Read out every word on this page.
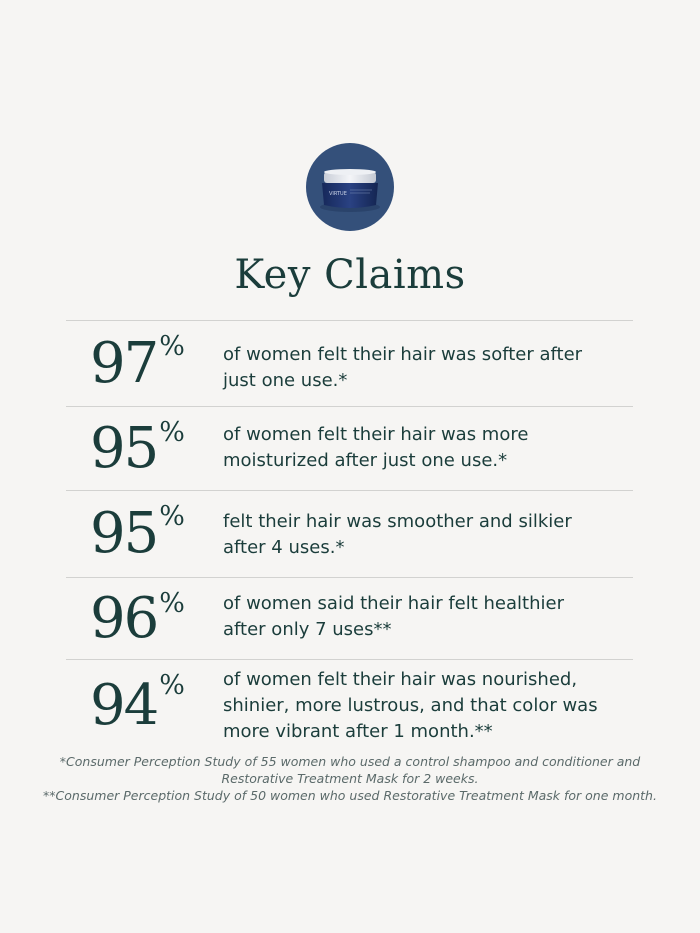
VIRTUE
Key Claims
97 % of women felt their hair was softer after
just one use.*
95 % of women felt their hair was more
moisturized after just one use.*
95 % felt their hair was smoother and silkier
after 4 uses.*
96 % of women said their hair felt healthier
after only 7 uses**
94 % of women felt their hair was nourished,
shinier, more lustrous, and that color was
more vibrant after 1 month.**
*Consumer Perception Study of 55 women who used a control shampoo and conditioner and
Restorative Treatment Mask for 2 weeks.
**Consumer Perception Study of 50 women who used Restorative Treatment Mask for one month.
